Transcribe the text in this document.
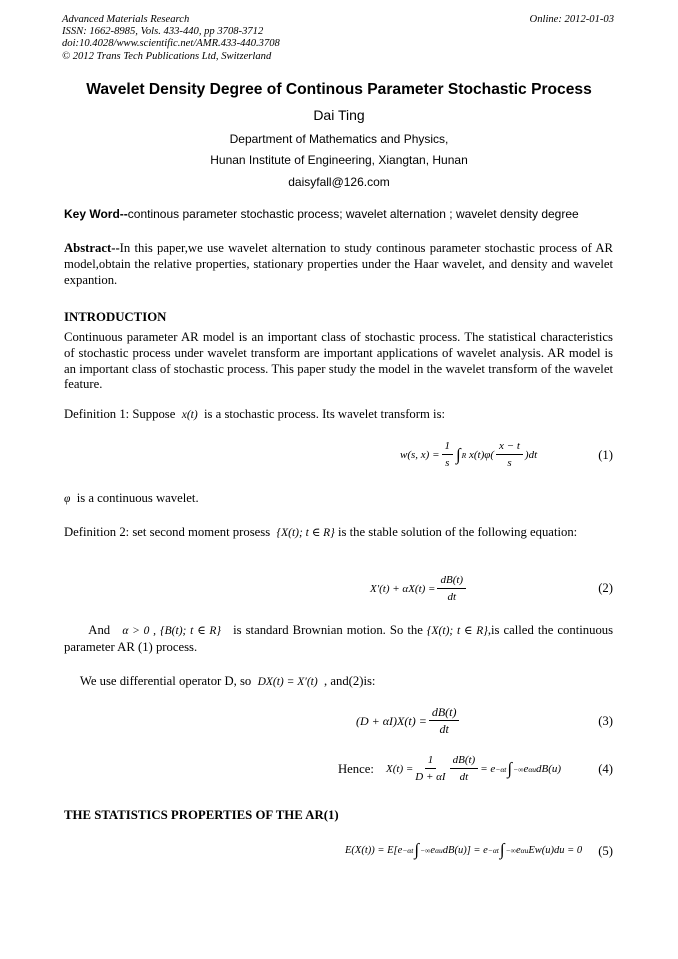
Advanced Materials Research
ISSN: 1662-8985, Vols. 433-440, pp 3708-3712
doi:10.4028/www.scientific.net/AMR.433-440.3708
© 2012 Trans Tech Publications Ltd, Switzerland
Online: 2012-01-03
Wavelet Density Degree of Continous Parameter Stochastic Process
Dai Ting
Department of Mathematics and Physics,
Hunan Institute of Engineering, Xiangtan, Hunan
daisyfall@126.com
Key Word--continous parameter stochastic process; wavelet alternation ; wavelet density degree
Abstract--In this paper,we use wavelet alternation to study continous parameter stochastic process of AR model,obtain the relative properties, stationary properties under the Haar wavelet, and density and wavelet expantion.
INTRODUCTION
Continuous parameter AR model is an important class of stochastic process. The statistical characteristics of stochastic process under wavelet transform are important applications of wavelet analysis. AR model is an important class of stochastic process. This paper study the model in the wavelet transform of the wavelet feature.
Definition 1: Suppose x(t) is a stochastic process. Its wavelet transform is:
w(s, $x) = \frac{1}{s}$ ∫ R $x(t)\varphi( \frac{x - t}{s} )dt$	(1)
φ is a continuous wavelet.
Definition 2: set second moment prosess {X(t); t ∈ R} is the stable solution of the following equation:
$X'(t) + \alpha X(t) = \frac{dB(t)}{dt}$	(2)
And α > 0 , {B(t); t ∈ R} is standard Brownian motion. So the {X(t); t ∈ R},is called the continuous parameter AR (1) process.
We use differential operator D, so DX(t) = X′(t) , and(2)is:
$(D + \alpha I)X(t) = \frac{dB(t)}{dt}$	(3)
Hence: $X(t) = \frac{1}{D + \alpha I} \frac{dB(t)}{dt} = e -\alpha t$ ∫ −∞ e αu dB(u)	(4)
THE STATISTICS PROPERTIES OF THE AR(1)
E(X(t)) = E[e −αt ∫ −∞ e αu dB(u)] = e −αt ∫ −∞ e αu Ew(u)du = 0 (5)
